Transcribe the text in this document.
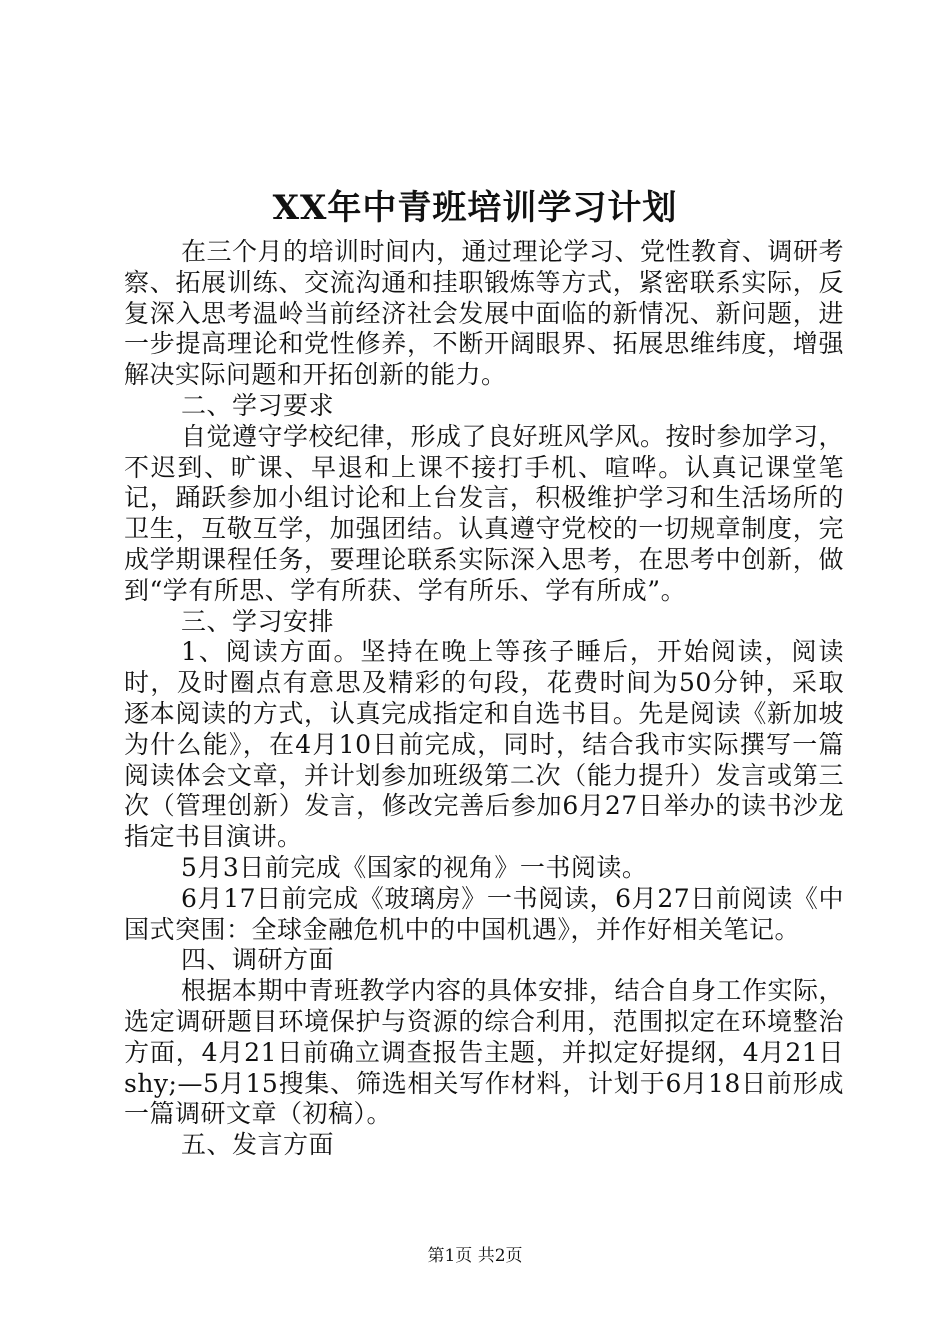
XX年中青班培训学习计划

在三个月的培训时间内，通过理论学习、党性教育、调研考察、拓展训练、交流沟通和挂职锻炼等方式，紧密联系实际，反复深入思考温岭当前经济社会发展中面临的新情况、新问题，进一步提高理论和党性修养，不断开阔眼界、拓展思维纬度，增强解决实际问题和开拓创新的能力。

二、学习要求

自觉遵守学校纪律，形成了良好班风学风。按时参加学习，不迟到、旷课、早退和上课不接打手机、喧哗。认真记课堂笔记，踊跃参加小组讨论和上台发言，积极维护学习和生活场所的卫生，互敬互学，加强团结。认真遵守党校的一切规章制度，完成学期课程任务，要理论联系实际深入思考，在思考中创新，做到“学有所思、学有所获、学有所乐、学有所成”。

三、学习安排

1、阅读方面。坚持在晚上等孩子睡后，开始阅读，阅读时，及时圈点有意思及精彩的句段，花费时间为50分钟，采取逐本阅读的方式，认真完成指定和自选书目。先是阅读《新加坡为什么能》，在4月10日前完成，同时，结合我市实际撰写一篇阅读体会文章，并计划参加班级第二次（能力提升）发言或第三次（管理创新）发言，修改完善后参加6月27日举办的读书沙龙指定书目演讲。

5月3日前完成《国家的视角》一书阅读。

6月17日前完成《玻璃房》一书阅读，6月27日前阅读《中国式突围：全球金融危机中的中国机遇》，并作好相关笔记。

四、调研方面

根据本期中青班教学内容的具体安排，结合自身工作实际，选定调研题目环境保护与资源的综合利用，范围拟定在环境整治方面，4月21日前确立调查报告主题，并拟定好提纲，4月21日shy;—5月15搜集、筛选相关写作材料，计划于6月18日前形成一篇调研文章（初稿）。

五、发言方面

第1页 共2页
